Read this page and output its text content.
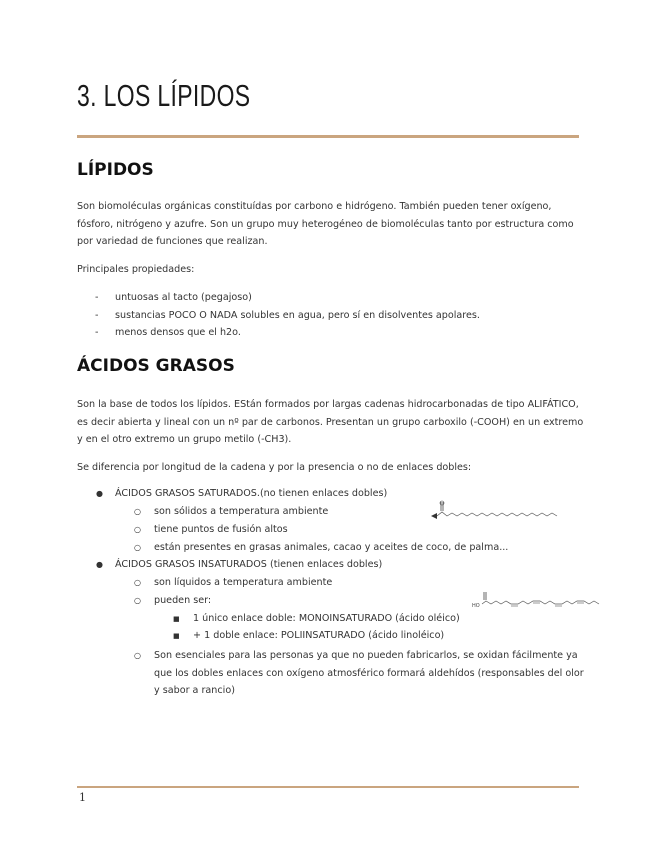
3. LOS LÍPIDOS
LÍPIDOS

Son biomoléculas orgánicas constituídas por carbono e hidrógeno. También pueden tener oxígeno, fósforo, nitrógeno y azufre. Son un grupo muy heterogéneo de biomoléculas tanto por estructura como por variedad de funciones que realizan.

Principales propiedades:

- untuosas al tacto (pegajoso)
- sustancias POCO O NADA solubles en agua, pero sí en disolventes apolares.
- menos densos que el h2o.
ÁCIDOS GRASOS

Son la base de todos los lípidos. EStán formados por largas cadenas hidrocarbonadas de tipo ALIFÁTICO, es decir abierta y lineal con un nº par de carbonos. Presentan un grupo carboxilo (-COOH) en un extremo y en el otro extremo un grupo metilo (-CH3).

Se diferencia por longitud de la cadena y por la presencia o no de enlaces dobles:

● ÁCIDOS GRASOS SATURADOS.(no tienen enlaces dobles)
○ son sólidos a temperatura ambiente
○ tiene puntos de fusión altos
○ están presentes en grasas animales, cacao y aceites de coco, de palma...
● ÁCIDOS GRASOS INSATURADOS (tienen enlaces dobles)
○ son líquidos a temperatura ambiente
○ pueden ser:
■ 1 único enlace doble: MONOINSATURADO (ácido oléico)
■ + 1 doble enlace: POLIINSATURADO (ácido linoléico)
○ Son esenciales para las personas ya que no pueden fabricarlos, se oxidan fácilmente ya que los dobles enlaces con oxígeno atmosférico formará aldehídos (responsables del olor y sabor a rancio)
HO
1
